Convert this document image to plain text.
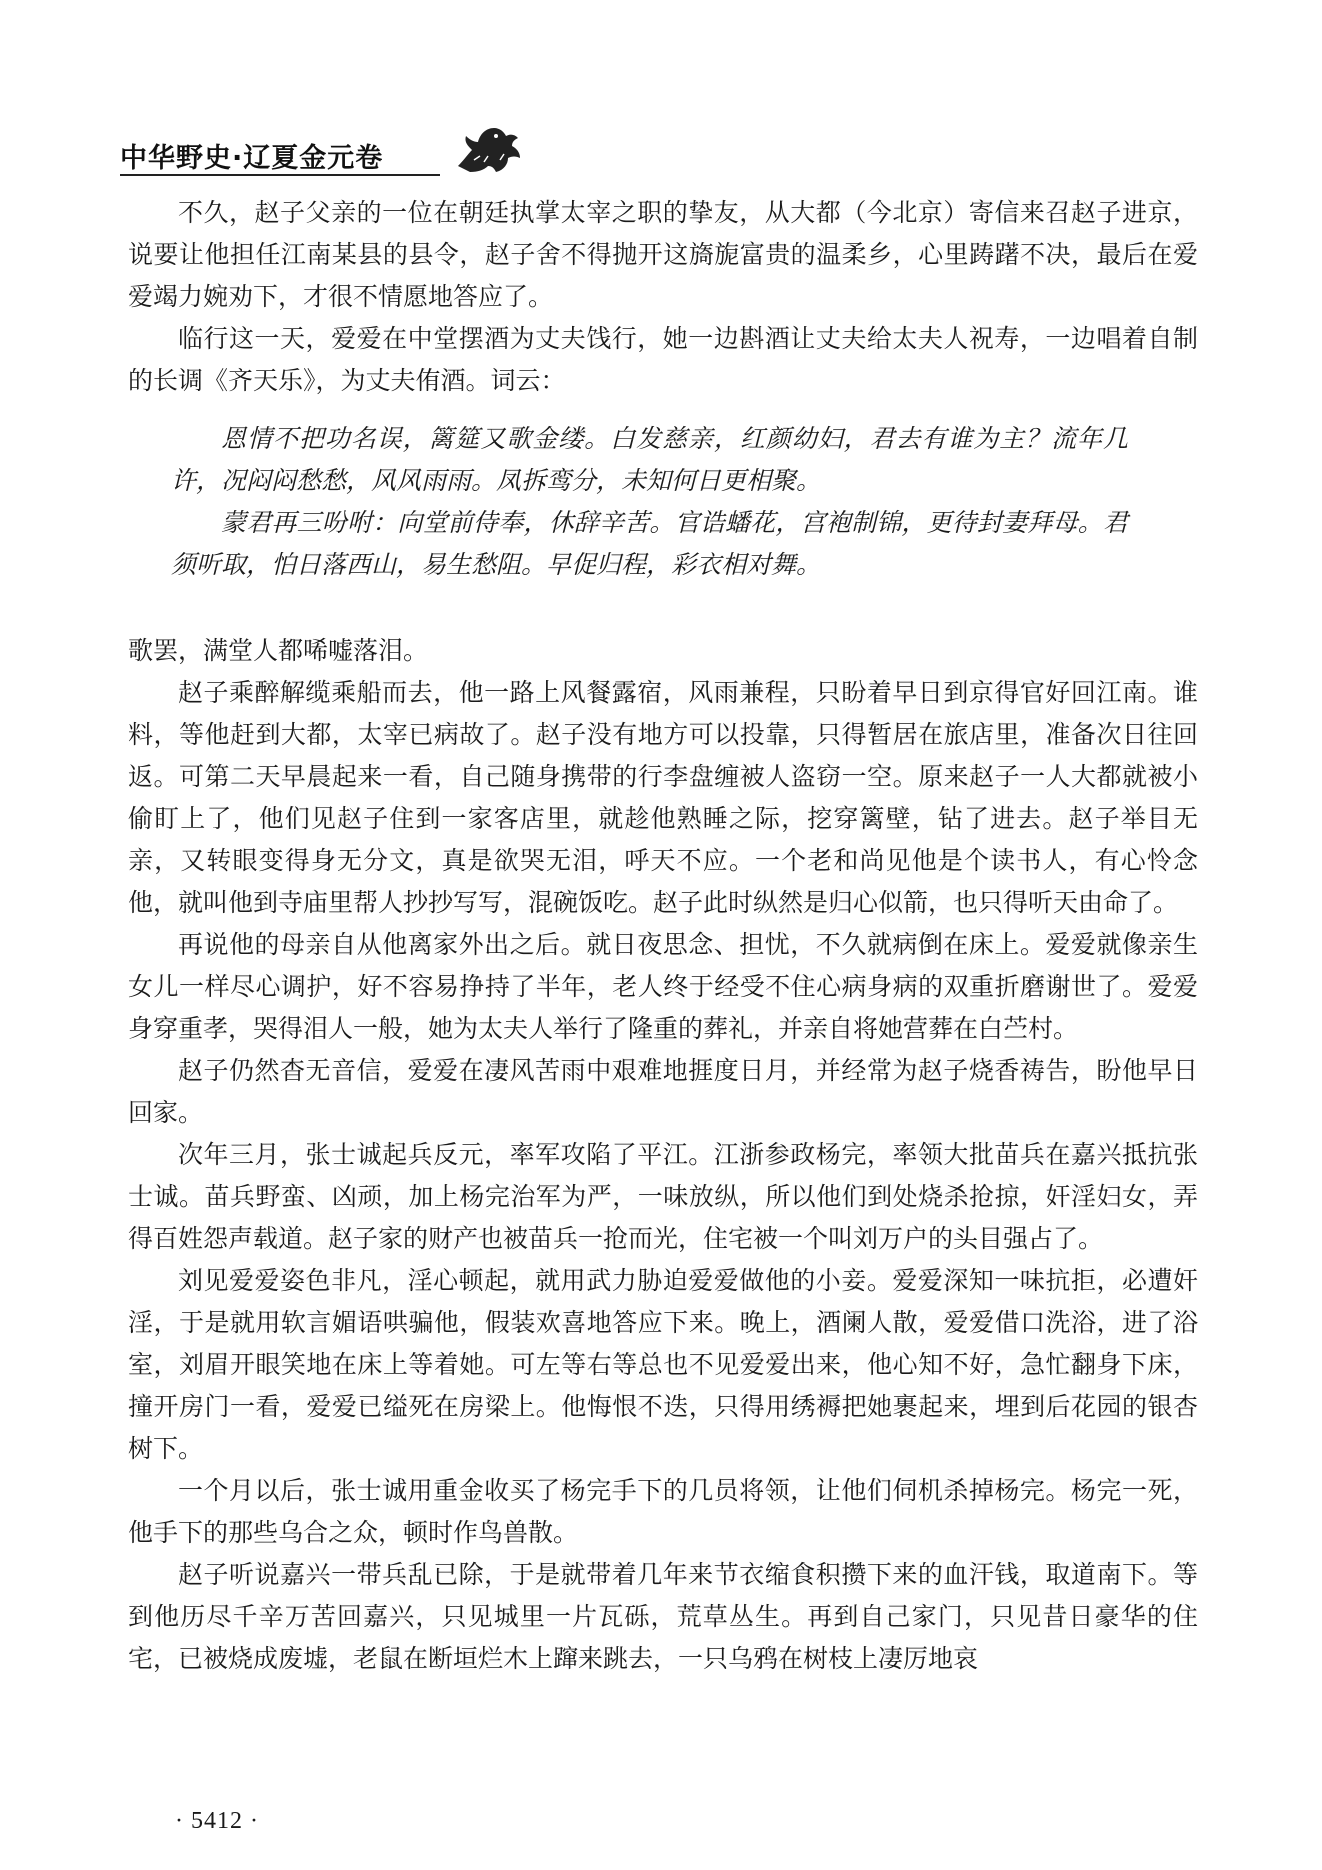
中华野史·辽夏金元卷

不久，赵子父亲的一位在朝廷执掌太宰之职的挚友，从大都（今北京）寄信来召赵子进京，说要让他担任江南某县的县令，赵子舍不得抛开这旖旎富贵的温柔乡，心里踌躇不决，最后在爱爱竭力婉劝下，才很不情愿地答应了。

临行这一天，爱爱在中堂摆酒为丈夫饯行，她一边斟酒让丈夫给太夫人祝寿，一边唱着自制的长调《齐天乐》，为丈夫侑酒。词云：

恩情不把功名误，篱筵又歌金缕。白发慈亲，红颜幼妇，君去有谁为主？流年几许，况闷闷愁愁，风风雨雨。凤拆鸾分，未知何日更相聚。

蒙君再三吩咐：向堂前侍奉，休辞辛苦。官诰蟠花，宫袍制锦，更待封妻拜母。君须听取，怕日落西山，易生愁阻。早促归程，彩衣相对舞。

歌罢，满堂人都唏嘘落泪。

赵子乘醉解缆乘船而去，他一路上风餐露宿，风雨兼程，只盼着早日到京得官好回江南。谁料，等他赶到大都，太宰已病故了。赵子没有地方可以投靠，只得暂居在旅店里，准备次日往回返。可第二天早晨起来一看，自己随身携带的行李盘缠被人盗窃一空。原来赵子一人大都就被小偷盯上了，他们见赵子住到一家客店里，就趁他熟睡之际，挖穿篱壁，钻了进去。赵子举目无亲，又转眼变得身无分文，真是欲哭无泪，呼天不应。一个老和尚见他是个读书人，有心怜念他，就叫他到寺庙里帮人抄抄写写，混碗饭吃。赵子此时纵然是归心似箭，也只得听天由命了。

再说他的母亲自从他离家外出之后。就日夜思念、担忧，不久就病倒在床上。爱爱就像亲生女儿一样尽心调护，好不容易挣持了半年，老人终于经受不住心病身病的双重折磨谢世了。爱爱身穿重孝，哭得泪人一般，她为太夫人举行了隆重的葬礼，并亲自将她营葬在白苎村。

赵子仍然杳无音信，爱爱在凄风苦雨中艰难地捱度日月，并经常为赵子烧香祷告，盼他早日回家。

次年三月，张士诚起兵反元，率军攻陷了平江。江浙参政杨完，率领大批苗兵在嘉兴抵抗张士诚。苗兵野蛮、凶顽，加上杨完治军为严，一味放纵，所以他们到处烧杀抢掠，奸淫妇女，弄得百姓怨声载道。赵子家的财产也被苗兵一抢而光，住宅被一个叫刘万户的头目强占了。

刘见爱爱姿色非凡，淫心顿起，就用武力胁迫爱爱做他的小妾。爱爱深知一味抗拒，必遭奸淫，于是就用软言媚语哄骗他，假装欢喜地答应下来。晚上，酒阑人散，爱爱借口洗浴，进了浴室，刘眉开眼笑地在床上等着她。可左等右等总也不见爱爱出来，他心知不好，急忙翻身下床，撞开房门一看，爱爱已缢死在房梁上。他悔恨不迭，只得用绣褥把她裹起来，埋到后花园的银杏树下。

一个月以后，张士诚用重金收买了杨完手下的几员将领，让他们伺机杀掉杨完。杨完一死，他手下的那些乌合之众，顿时作鸟兽散。

赵子听说嘉兴一带兵乱已除，于是就带着几年来节衣缩食积攒下来的血汗钱，取道南下。等到他历尽千辛万苦回嘉兴，只见城里一片瓦砾，荒草丛生。再到自己家门，只见昔日豪华的住宅，已被烧成废墟，老鼠在断垣烂木上蹿来跳去，一只乌鸦在树枝上凄厉地哀

· 5412 ·
